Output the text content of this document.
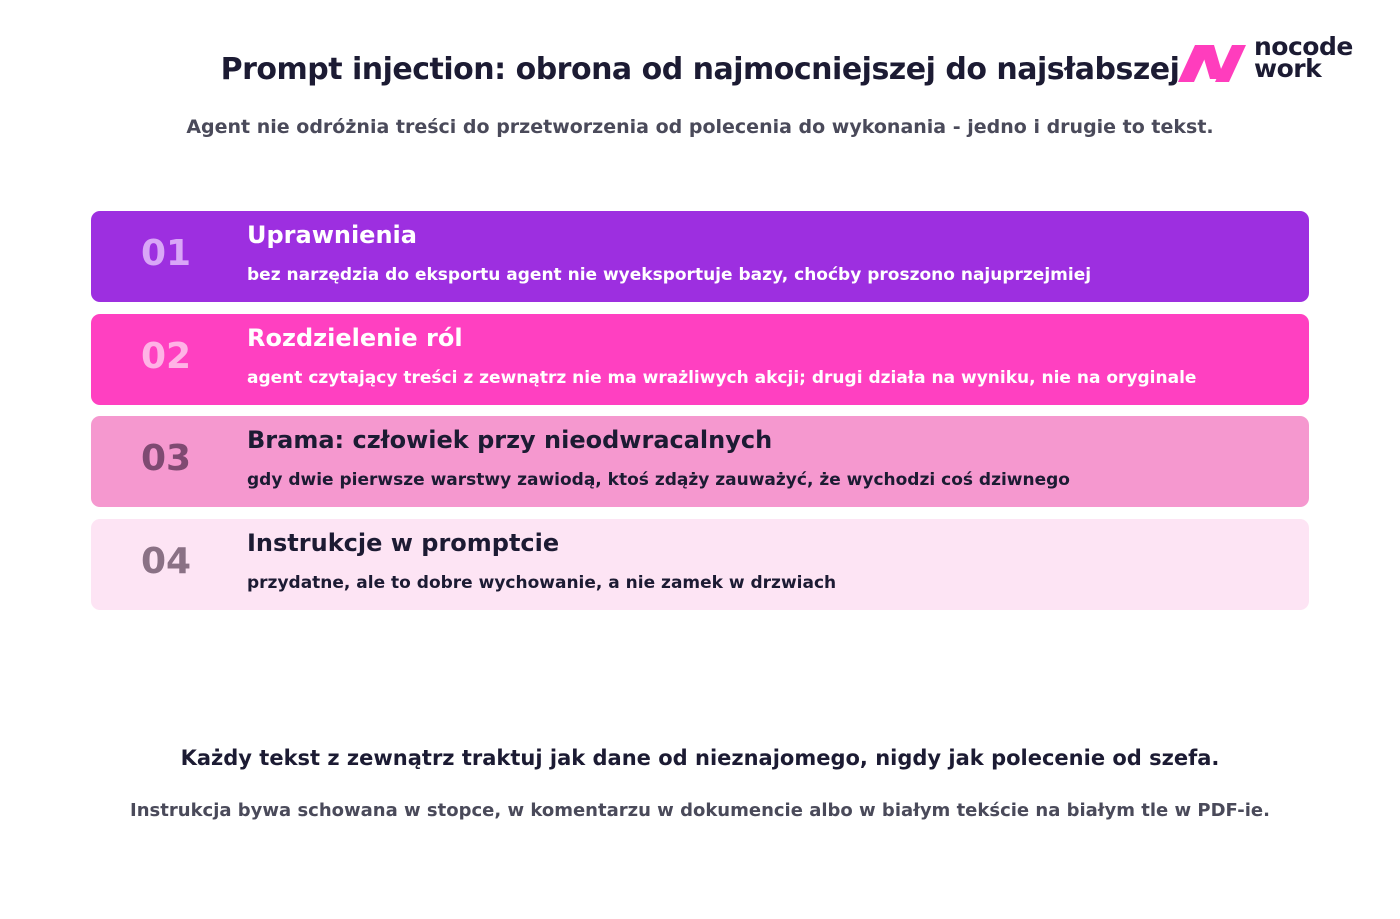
Prompt injection: obrona od najmocniejszej do najsłabszej
Agent nie odróżnia treści do przetworzenia od polecenia do wykonania - jedno i drugie to tekst.
nocode
work
01 Uprawnienia
bez narzędzia do eksportu agent nie wyeksportuje bazy, choćby proszono najuprzejmiej
02 Rozdzielenie ról
agent czytający treści z zewnątrz nie ma wrażliwych akcji; drugi działa na wyniku, nie na oryginale
03 Brama: człowiek przy nieodwracalnych
gdy dwie pierwsze warstwy zawiodą, ktoś zdąży zauważyć, że wychodzi coś dziwnego
04 Instrukcje w promptcie
przydatne, ale to dobre wychowanie, a nie zamek w drzwiach
Każdy tekst z zewnątrz traktuj jak dane od nieznajomego, nigdy jak polecenie od szefa.
Instrukcja bywa schowana w stopce, w komentarzu w dokumencie albo w białym tekście na białym tle w PDF-ie.
